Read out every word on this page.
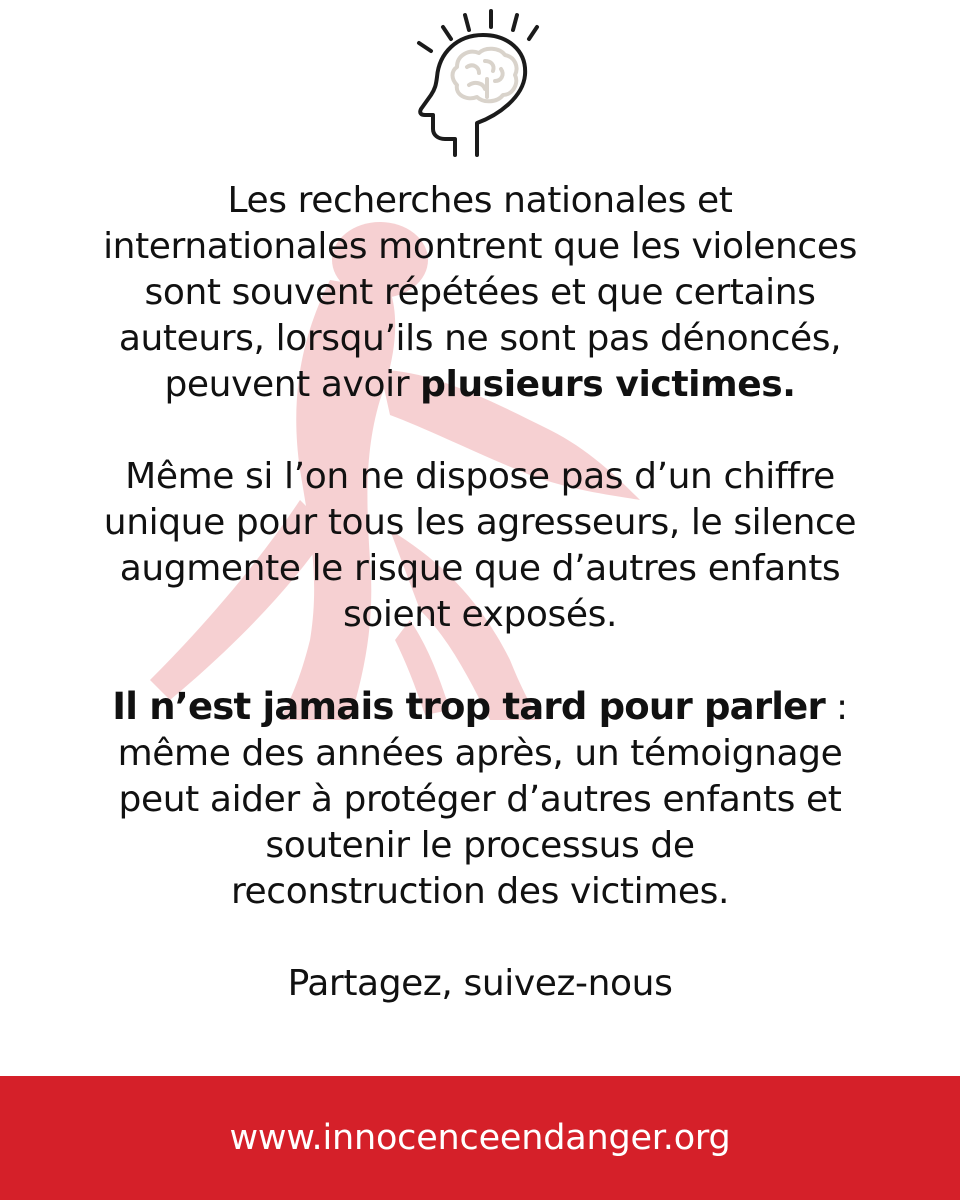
Les recherches nationales et
internationales montrent que les violences
sont souvent répétées et que certains
auteurs, lorsqu’ils ne sont pas dénoncés,
peuvent avoir plusieurs victimes.

Même si l’on ne dispose pas d’un chiffre
unique pour tous les agresseurs, le silence
augmente le risque que d’autres enfants
soient exposés.

Il n’est jamais trop tard pour parler :
même des années après, un témoignage
peut aider à protéger d’autres enfants et
soutenir le processus de
reconstruction des victimes.

Partagez, suivez-nous

www.innocenceendanger.org
